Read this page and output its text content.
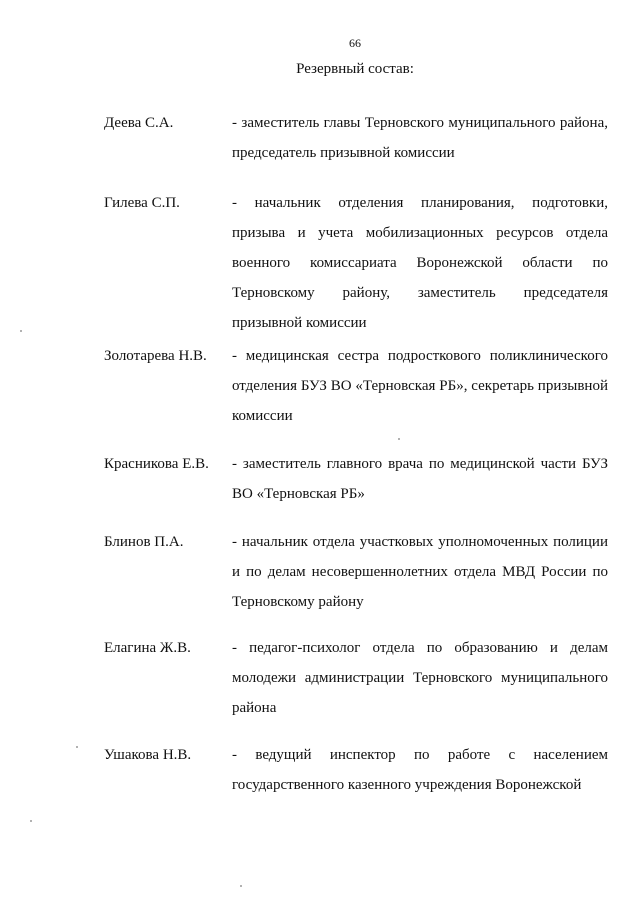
66
Резервный состав:
Деева С.А.	- заместитель главы Терновского муниципального района, председатель призывной комиссии
Гилева С.П.	- начальник отделения планирования, подготовки, призыва и учета мобилизационных ресурсов отдела военного комиссариата Воронежской области по Терновскому району, заместитель председателя призывной комиссии
Золотарева Н.В. - медицинская сестра подросткового поликлинического отделения БУЗ ВО «Терновская РБ», секретарь призывной комиссии
Красникова Е.В. - заместитель главного врача по медицинской части БУЗ ВО «Терновская РБ»
Блинов П.А.	- начальник отдела участковых уполномоченных полиции и по делам несовершеннолетних отдела МВД России по Терновскому району
Елагина Ж.В.	- педагог-психолог отдела по образованию и делам молодежи администрации Терновского муниципального района
Ушакова Н.В.	- ведущий инспектор по работе с населением государственного казенного учреждения Воронежской
